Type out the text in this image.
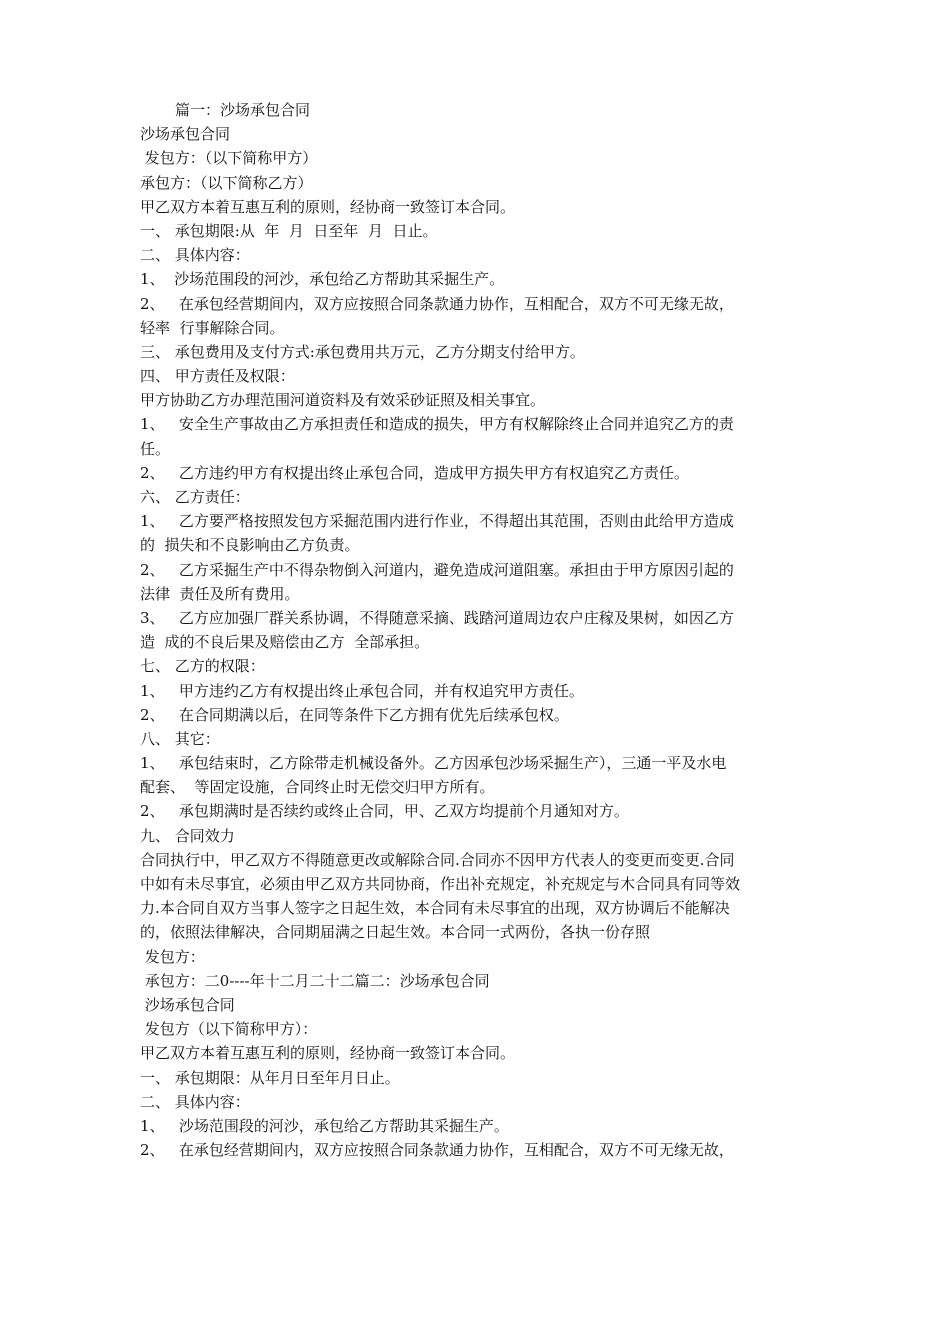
篇一：沙场承包合同
沙场承包合同
发包方：（以下简称甲方）
承包方：（以下简称乙方）
甲乙双方本着互惠互利的原则，经协商一致签订本合同。
一、 承包期限:从  年  月  日至年  月  日止。
二、 具体内容：
1、  沙场范围段的河沙，承包给乙方帮助其采掘生产。
2、   在承包经营期间内，双方应按照合同条款通力协作，互相配合，双方不可无缘无故，
轻率  行事解除合同。
三、 承包费用及支付方式:承包费用共万元，乙方分期支付给甲方。
四、 甲方责任及权限：
甲方协助乙方办理范围河道资料及有效采砂证照及相关事宜。
1、   安全生产事故由乙方承担责任和造成的损失，甲方有权解除终止合同并追究乙方的责
任。
2、   乙方违约甲方有权提出终止承包合同，造成甲方损失甲方有权追究乙方责任。
六、 乙方责任：
1、   乙方要严格按照发包方采掘范围内进行作业，不得超出其范围，否则由此给甲方造成
的  损失和不良影响由乙方负责。
2、   乙方采掘生产中不得杂物倒入河道内，避免造成河道阻塞。承担由于甲方原因引起的
法律  责任及所有费用。
3、   乙方应加强厂群关系协调，不得随意采摘、践踏河道周边农户庄稼及果树，如因乙方
造  成的不良后果及赔偿由乙方  全部承担。
七、 乙方的权限：
1、   甲方违约乙方有权提出终止承包合同，并有权追究甲方责任。
2、   在合同期满以后，在同等条件下乙方拥有优先后续承包权。
八、 其它：
1、   承包结束时，乙方除带走机械设备外。乙方因承包沙场采掘生产），三通一平及水电
配套、  等固定设施，合同终止时无偿交归甲方所有。
2、   承包期满时是否续约或终止合同，甲、乙双方均提前个月通知对方。
九、 合同效力
合同执行中，甲乙双方不得随意更改或解除合同.合同亦不因甲方代表人的变更而变更.合同
中如有未尽事宜，必须由甲乙双方共同协商，作出补充规定，补充规定与木合同具有同等效
力.本合同自双方当事人签字之日起生效，本合同有未尽事宜的出现，双方协调后不能解决
的，依照法律解决，合同期届满之日起生效。本合同一式两份，各执一份存照
发包方：
承包方：二0----年十二月二十二篇二：沙场承包合同
沙场承包合同
发包方（以下简称甲方）：
甲乙双方本着互惠互利的原则，经协商一致签订本合同。
一、 承包期限：从年月日至年月日止。
二、 具体内容：
1、   沙场范围段的河沙，承包给乙方帮助其采掘生产。
2、   在承包经营期间内，双方应按照合同条款通力协作，互相配合，双方不可无缘无故，
